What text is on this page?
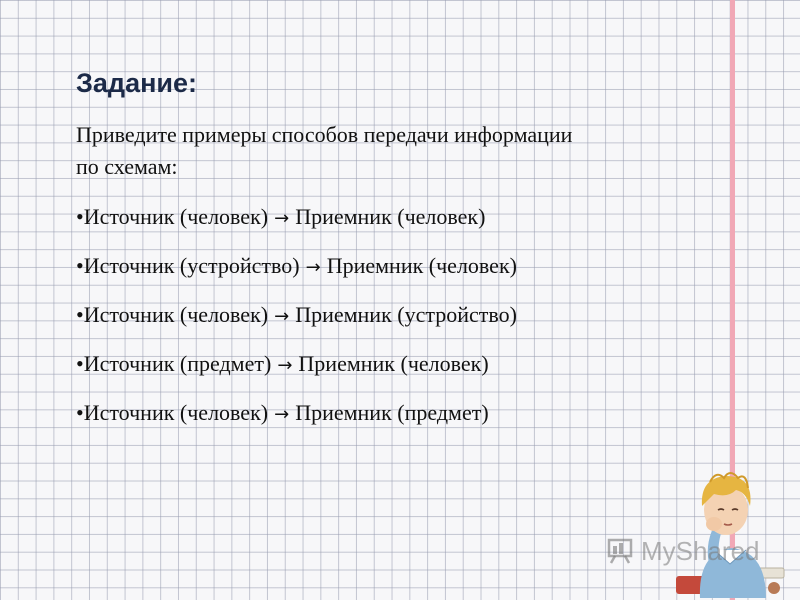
Задание:

Приведите примеры способов передачи информации
по схемам:

•Источник (человек) → Приемник (человек)
•Источник (устройство) → Приемник (человек)
•Источник (человек) → Приемник (устройство)
•Источник (предмет) → Приемник (человек)
•Источник (человек) → Приемник (предмет)
MyShared
